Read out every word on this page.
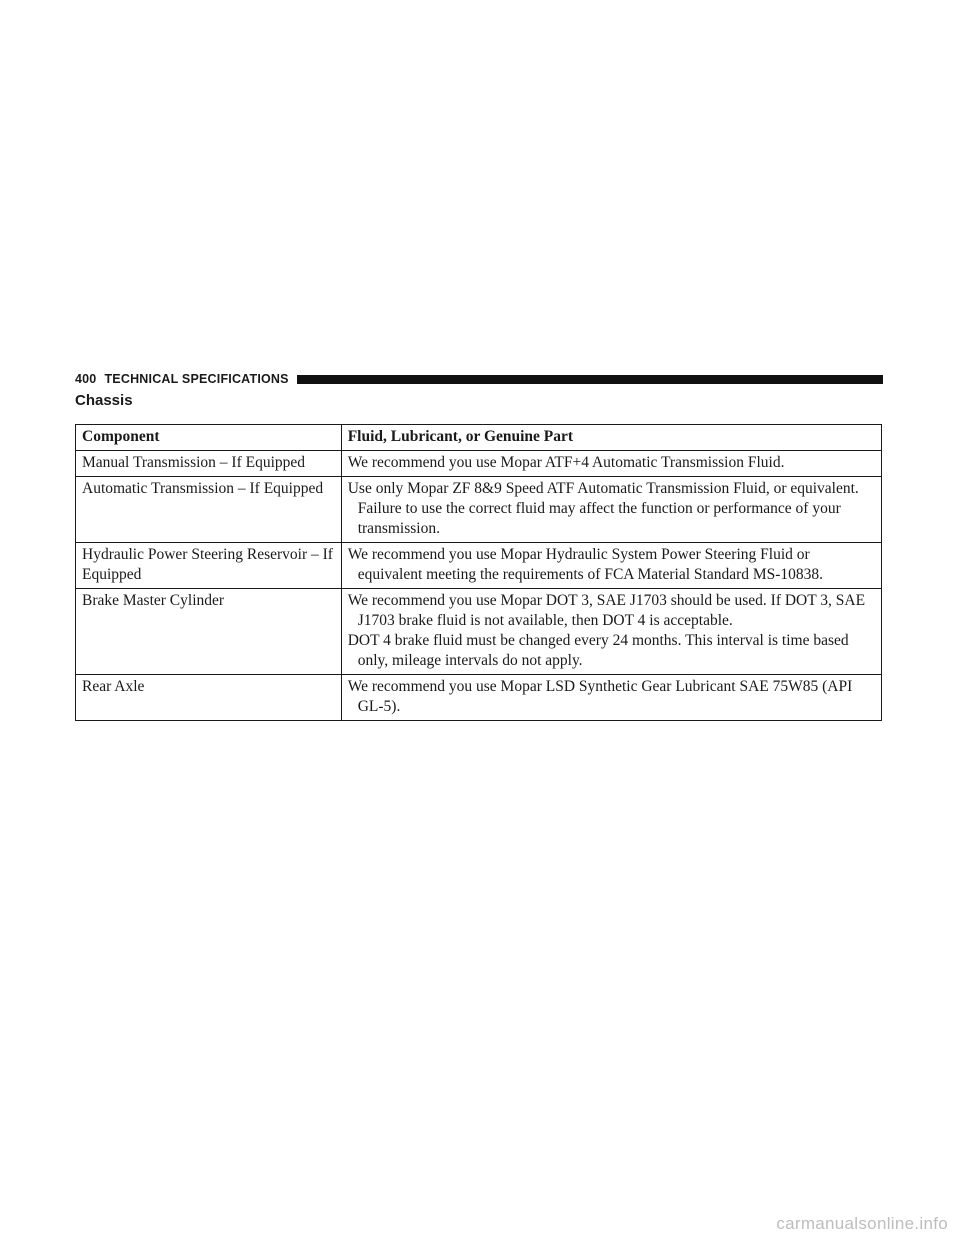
400 TECHNICAL SPECIFICATIONS
Chassis
Component	Fluid, Lubricant, or Genuine Part
Manual Transmission – If Equipped	We recommend you use Mopar ATF+4 Automatic Transmission Fluid.

Automatic Transmission – If Equipped	Use only Mopar ZF 8&9 Speed ATF Automatic Transmission Fluid, or equivalent. Failure to use the correct fluid may affect the function or performance of your transmission.

Hydraulic Power Steering Reservoir – If Equipped	We recommend you use Mopar Hydraulic System Power Steering Fluid or equivalent meeting the requirements of FCA Material Standard MS-10838.

Brake Master Cylinder	We recommend you use Mopar DOT 3, SAE J1703 should be used. If DOT 3, SAE J1703 brake fluid is not available, then DOT 4 is acceptable.
DOT 4 brake fluid must be changed every 24 months. This interval is time based only, mileage intervals do not apply.

Rear Axle	We recommend you use Mopar LSD Synthetic Gear Lubricant SAE 75W85 (API GL-5).
carmanualsonline.info
